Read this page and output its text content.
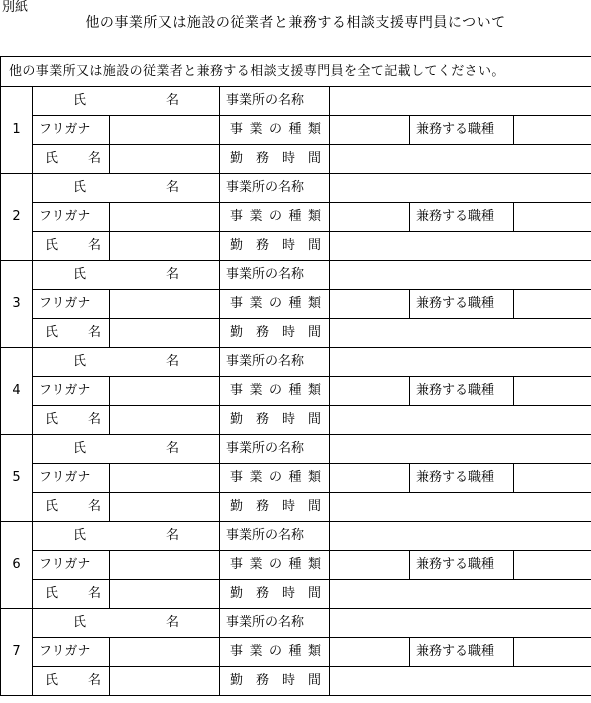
別紙
他の事業所又は施設の従業者と兼務する相談支援専門員について
他の事業所又は施設の従業者と兼務する相談支援専門員を全て記載してください。						
1	氏 名		事業所の名称			
	フリガナ		事 業 の 種 類		兼務する職種	

	氏 名		勤 務 時 間			

2	氏 名		事業所の名称			
	フリガナ		事 業 の 種 類		兼務する職種	

	氏 名		勤 務 時 間			

3	氏 名		事業所の名称			
	フリガナ		事 業 の 種 類		兼務する職種	

	氏 名		勤 務 時 間			

4	氏 名		事業所の名称			
	フリガナ		事 業 の 種 類		兼務する職種	

	氏 名		勤 務 時 間			

5	氏 名		事業所の名称			
	フリガナ		事 業 の 種 類		兼務する職種	

	氏 名		勤 務 時 間			

6	氏 名		事業所の名称			
	フリガナ		事 業 の 種 類		兼務する職種	

	氏 名		勤 務 時 間			

7	氏 名		事業所の名称			
	フリガナ		事 業 の 種 類		兼務する職種	

	氏 名		勤 務 時 間			
